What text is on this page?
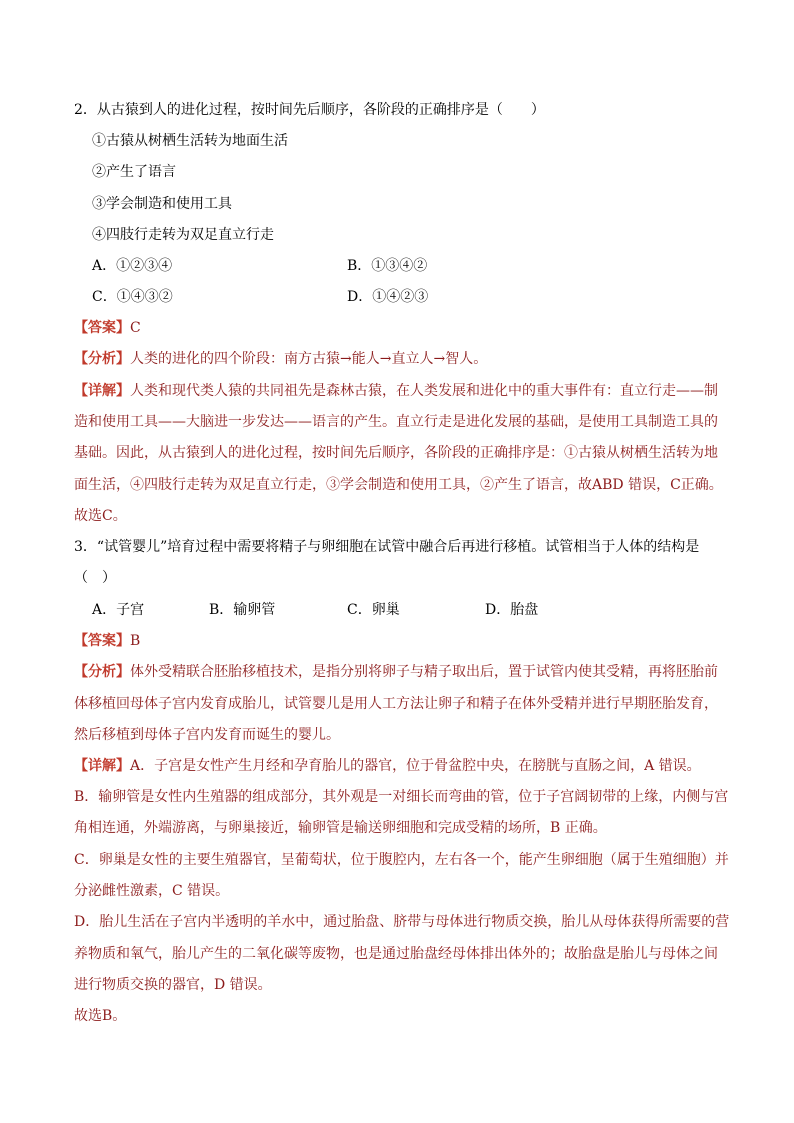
2．从古猿到人的进化过程，按时间先后顺序，各阶段的正确排序是（　　）
①古猿从树栖生活转为地面生活
②产生了语言
③学会制造和使用工具
④四肢行走转为双足直立行走
A．①②③④	B．①③④②
C．①④③②	D．①④②③
【答案】C
【分析】人类的进化的四个阶段：南方古猿→能人→直立人→智人。
【详解】人类和现代类人猿的共同祖先是森林古猿，在人类发展和进化中的重大事件有：直立行走——制
造和使用工具——大脑进一步发达——语言的产生。直立行走是进化发展的基础，是使用工具制造工具的
基础。因此，从古猿到人的进化过程，按时间先后顺序，各阶段的正确排序是：①古猿从树栖生活转为地
面生活，④四肢行走转为双足直立行走，③学会制造和使用工具，②产生了语言，故ABD 错误，C正确。
故选C。
3．“试管婴儿”培育过程中需要将精子与卵细胞在试管中融合后再进行移植。试管相当于人体的结构是
（　）
A．子宫	B．输卵管	C．卵巢	D．胎盘
【答案】B
【分析】体外受精联合胚胎移植技术，是指分别将卵子与精子取出后，置于试管内使其受精，再将胚胎前
体移植回母体子宫内发育成胎儿，试管婴儿是用人工方法让卵子和精子在体外受精并进行早期胚胎发育，
然后移植到母体子宫内发育而诞生的婴儿。
【详解】A．子宫是女性产生月经和孕育胎儿的器官，位于骨盆腔中央，在膀胱与直肠之间，A 错误。
B．输卵管是女性内生殖器的组成部分，其外观是一对细长而弯曲的管，位于子宫阔韧带的上缘，内侧与宫
角相连通，外端游离，与卵巢接近，输卵管是输送卵细胞和完成受精的场所，B 正确。
C．卵巢是女性的主要生殖器官，呈葡萄状，位于腹腔内，左右各一个，能产生卵细胞（属于生殖细胞）并
分泌雌性激素，C 错误。
D．胎儿生活在子宫内半透明的羊水中，通过胎盘、脐带与母体进行物质交换，胎儿从母体获得所需要的营
养物质和氧气，胎儿产生的二氧化碳等废物，也是通过胎盘经母体排出体外的；故胎盘是胎儿与母体之间
进行物质交换的器官，D 错误。
故选B。
